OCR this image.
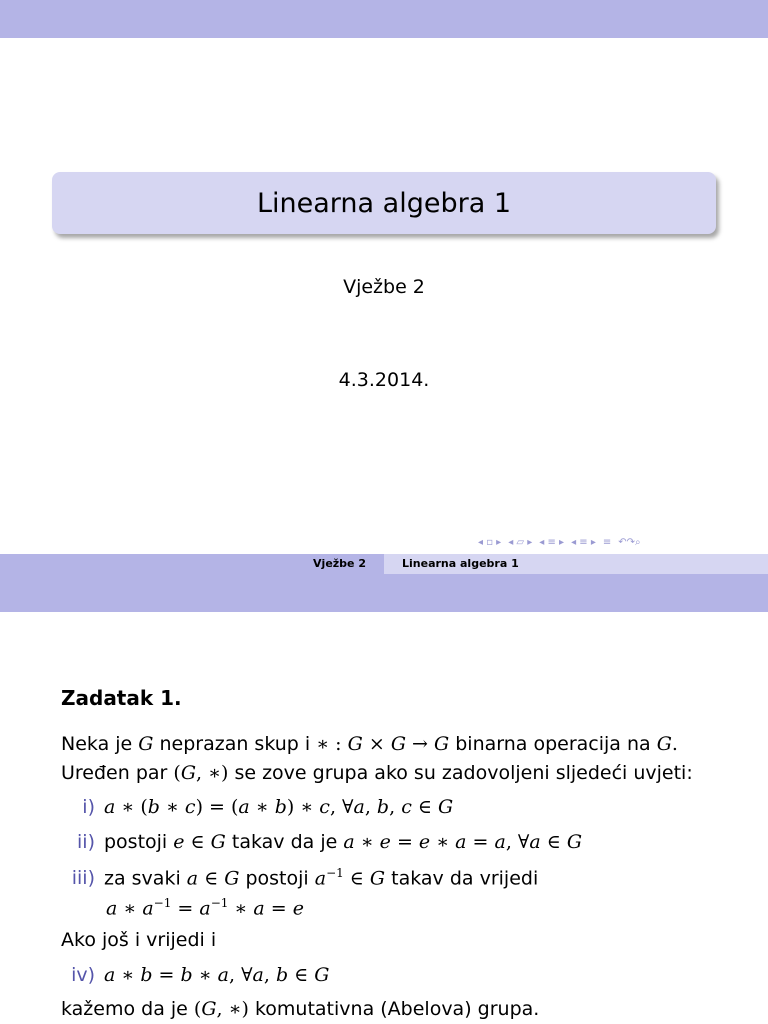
Linearna algebra 1
Vježbe 2
4.3.2014.
◂ ▫ ▸ ◂ ▱ ▸ ◂ ≡ ▸ ◂ ≡ ▸ ≡ ↶↷⌕
Vježbe 2	Linearna algebra 1
Zadatak 1.
Neka je G neprazan skup i ∗ : G × G → G binarna operacija na G.
Uređen par (G, ∗) se zove grupa ako su zadovoljeni sljedeći uvjeti:
i) a ∗ (b ∗ c) = (a ∗ b) ∗ c, ∀a, b, c ∈ G
ii) postoji e ∈ G takav da je a ∗ e = e ∗ a = a, ∀a ∈ G
iii) za svaki a ∈ G postoji $a^{-1}$ ∈ G takav da vrijedi
a ∗ $a^{-1} = a^{-1}$ ∗ a = e
Ako još i vrijedi i
iv) a ∗ b = b ∗ a, ∀a, b ∈ G
kažemo da je (G, ∗) komutativna (Abelova) grupa.
